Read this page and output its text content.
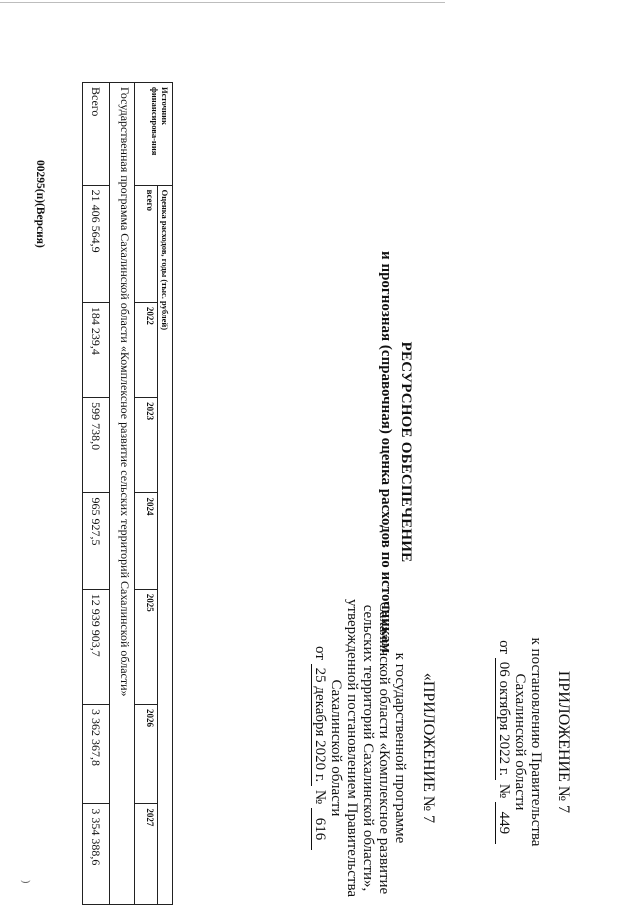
ПРИЛОЖЕНИЕ № 7
к постановлению Правительства
Сахалинской области
от 06 октября 2022 г. № 449
«ПРИЛОЖЕНИЕ № 7
к государственной программе
Сахалинской области «Комплексное развитие
сельских территорий Сахалинской области»,
утвержденной постановлением Правительства
Сахалинской области
от 25 декабря 2020 г. № 616
РЕСУРСНОЕ ОБЕСПЕЧЕНИЕ
и прогнозная (справочная) оценка расходов по источникам
Источник финансирова-ния	Оценка расходов, годы (тыс. рублей)						
	всего	2022	2023	2024	2025	2026	2027
Государственная программа Сахалинской области «Комплексное развитие сельских территорий Сахалинской области»							
Всего	21 406 564,9	184 239,4	599 738,0	965 927,5	12 939 903,7	3 362 367,8	3 354 388,6
00295(п)(Версия)
)
